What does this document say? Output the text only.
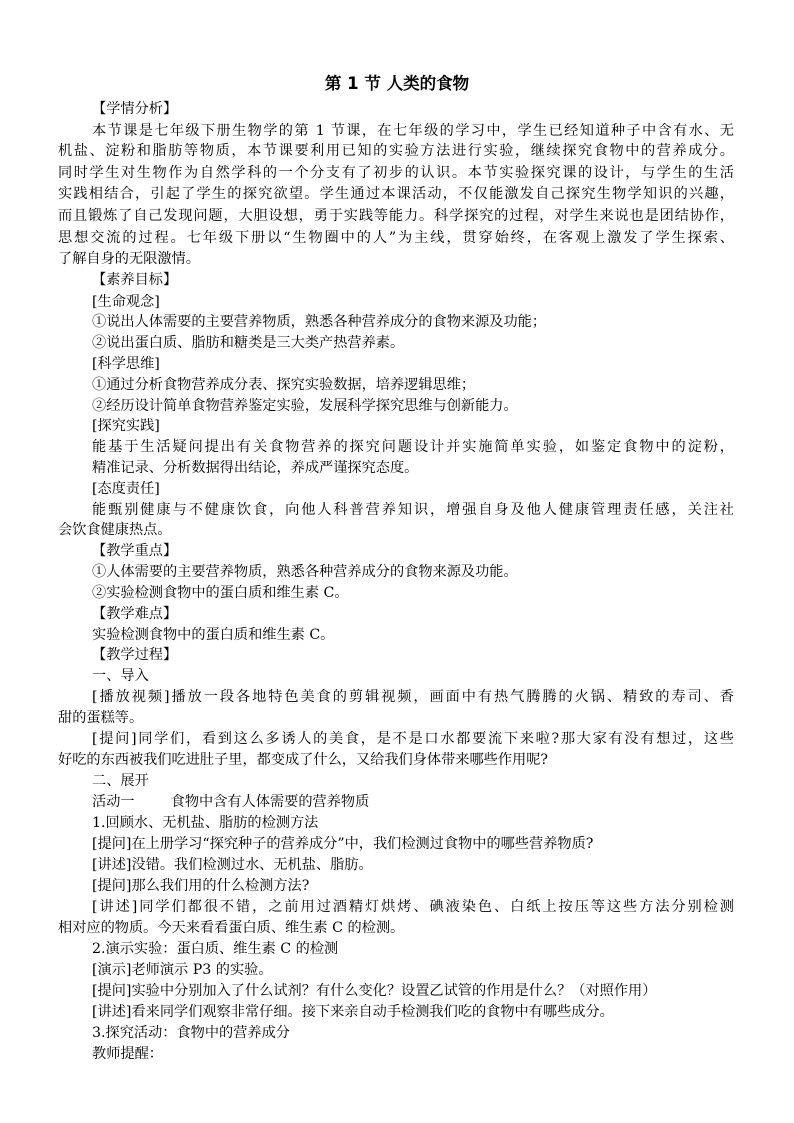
第 1 节 人类的食物
【学情分析】
本节课是七年级下册生物学的第 1 节课，在七年级的学习中，学生已经知道种子中含有水、无
机盐、淀粉和脂肪等物质，本节课要利用已知的实验方法进行实验，继续探究食物中的营养成分。
同时学生对生物作为自然学科的一个分支有了初步的认识。本节实验探究课的设计，与学生的生活
实践相结合，引起了学生的探究欲望。学生通过本课活动，不仅能激发自己探究生物学知识的兴趣，
而且锻炼了自己发现问题，大胆设想，勇于实践等能力。科学探究的过程，对学生来说也是团结协作，
思想交流的过程。七年级下册以“生物圈中的人”为主线，贯穿始终，在客观上激发了学生探索、
了解自身的无限激情。
【素养目标】
[生命观念]
①说出人体需要的主要营养物质，熟悉各种营养成分的食物来源及功能；
②说出蛋白质、脂肪和糖类是三大类产热营养素。
[科学思维]
①通过分析食物营养成分表、探究实验数据，培养逻辑思维；
②经历设计简单食物营养鉴定实验，发展科学探究思维与创新能力。
[探究实践]
能基于生活疑问提出有关食物营养的探究问题设计并实施简单实验，如鉴定食物中的淀粉，
精准记录、分析数据得出结论，养成严谨探究态度。
[态度责任]
能甄别健康与不健康饮食，向他人科普营养知识，增强自身及他人健康管理责任感，关注社
会饮食健康热点。
【教学重点】
①人体需要的主要营养物质，熟悉各种营养成分的食物来源及功能。
②实验检测食物中的蛋白质和维生素 C。
【教学难点】
实验检测食物中的蛋白质和维生素 C。
【教学过程】
一、导入
[播放视频]播放一段各地特色美食的剪辑视频，画面中有热气腾腾的火锅、精致的寿司、香
甜的蛋糕等。
[提问]同学们，看到这么多诱人的美食，是不是口水都要流下来啦?那大家有没有想过，这些
好吃的东西被我们吃进肚子里，都变成了什么，又给我们身体带来哪些作用呢?
二、展开
活动一        食物中含有人体需要的营养物质
1.回顾水、无机盐、脂肪的检测方法
[提问]在上册学习“探究种子的营养成分”中，我们检测过食物中的哪些营养物质?
[讲述]没错。我们检测过水、无机盐、脂肪。
[提问]那么我们用的什么检测方法?
[讲述]同学们都很不错，之前用过酒精灯烘烤、碘液染色、白纸上按压等这些方法分别检测
相对应的物质。今天来看看蛋白质、维生素 C 的检测。
2.演示实验：蛋白质、维生素 C 的检测
[演示]老师演示 P3 的实验。
[提问]实验中分别加入了什么试剂？有什么变化？设置乙试管的作用是什么？（对照作用）
[讲述]看来同学们观察非常仔细。接下来亲自动手检测我们吃的食物中有哪些成分。
3.探究活动：食物中的营养成分
教师提醒：
